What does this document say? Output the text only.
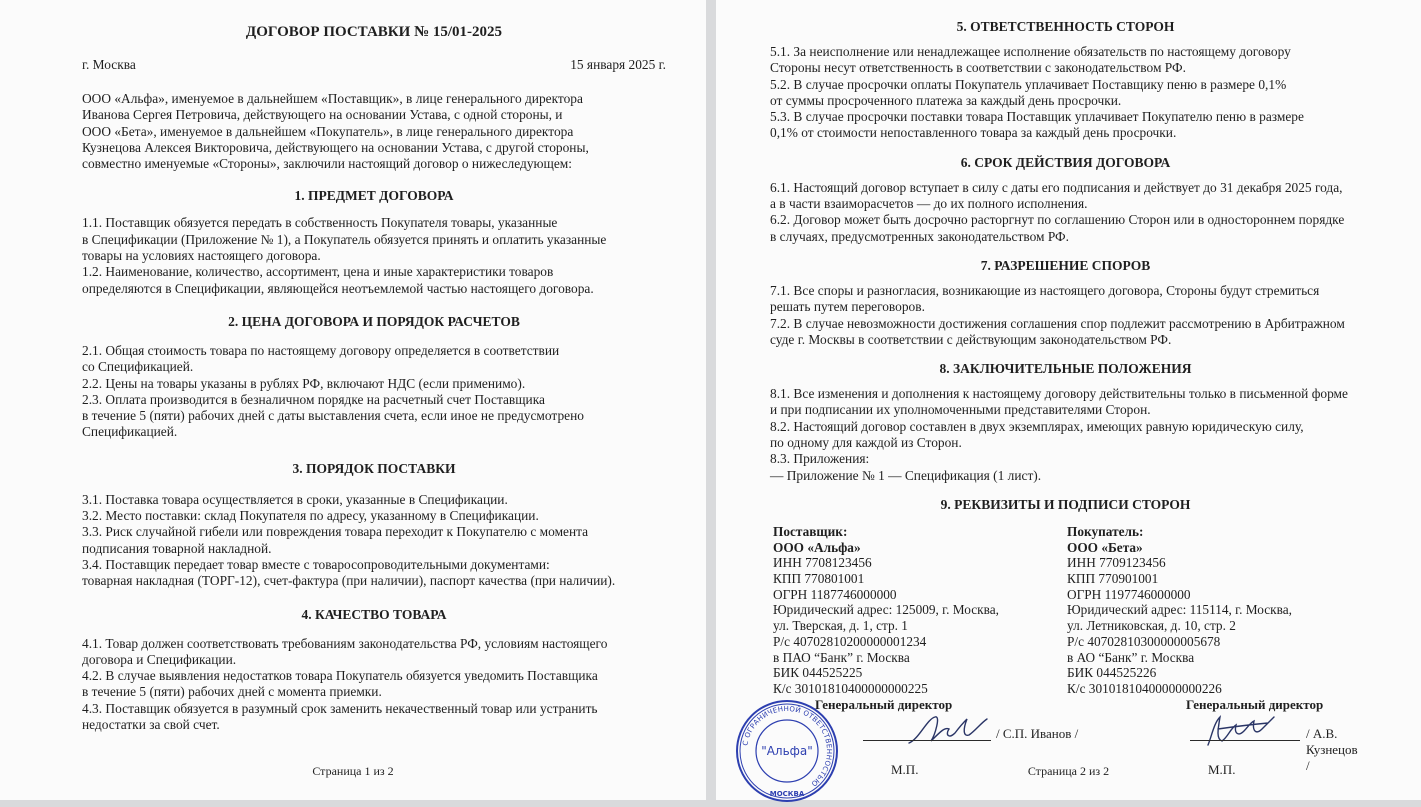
ДОГОВОР ПОСТАВКИ № 15/01-2025
г. Москва	15 января 2025 г.

ООО «Альфа», именуемое в дальнейшем «Поставщик», в лице генерального директора

Иванова Сергея Петровича, действующего на основании Устава, с одной стороны, и

ООО «Бета», именуемое в дальнейшем «Покупатель», в лице генерального директора

Кузнецова Алексея Викторовича, действующего на основании Устава, с другой стороны,

совместно именуемые «Стороны», заключили настоящий договор о нижеследующем:

1. ПРЕДМЕТ ДОГОВОРА

1.1. Поставщик обязуется передать в собственность Покупателя товары, указанные

в Спецификации (Приложение № 1), а Покупатель обязуется принять и оплатить указанные

товары на условиях настоящего договора.

1.2. Наименование, количество, ассортимент, цена и иные характеристики товаров

определяются в Спецификации, являющейся неотъемлемой частью настоящего договора.

2. ЦЕНА ДОГОВОРА И ПОРЯДОК РАСЧЕТОВ

2.1. Общая стоимость товара по настоящему договору определяется в соответствии

со Спецификацией.

2.2. Цены на товары указаны в рублях РФ, включают НДС (если применимо).

2.3. Оплата производится в безналичном порядке на расчетный счет Поставщика

в течение 5 (пяти) рабочих дней с даты выставления счета, если иное не предусмотрено

Спецификацией.

3. ПОРЯДОК ПОСТАВКИ

3.1. Поставка товара осуществляется в сроки, указанные в Спецификации.

3.2. Место поставки: склад Покупателя по адресу, указанному в Спецификации.

3.3. Риск случайной гибели или повреждения товара переходит к Покупателю с момента

подписания товарной накладной.

3.4. Поставщик передает товар вместе с товаросопроводительными документами:

товарная накладная (ТОРГ-12), счет-фактура (при наличии), паспорт качества (при наличии).

4. КАЧЕСТВО ТОВАРА

4.1. Товар должен соответствовать требованиям законодательства РФ, условиям настоящего

договора и Спецификации.

4.2. В случае выявления недостатков товара Покупатель обязуется уведомить Поставщика

в течение 5 (пяти) рабочих дней с момента приемки.

4.3. Поставщик обязуется в разумный срок заменить некачественный товар или устранить

недостатки за свой счет.

Страница 1 из 2
5. ОТВЕТСТВЕННОСТЬ СТОРОН

5.1. За неисполнение или ненадлежащее исполнение обязательств по настоящему договору

Стороны несут ответственность в соответствии с законодательством РФ.

5.2. В случае просрочки оплаты Покупатель уплачивает Поставщику пеню в размере 0,1%

от суммы просроченного платежа за каждый день просрочки.

5.3. В случае просрочки поставки товара Поставщик уплачивает Покупателю пеню в размере

0,1% от стоимости непоставленного товара за каждый день просрочки.

6. СРОК ДЕЙСТВИЯ ДОГОВОРА

6.1. Настоящий договор вступает в силу с даты его подписания и действует до 31 декабря 2025 года,

а в части взаиморасчетов — до их полного исполнения.

6.2. Договор может быть досрочно расторгнут по соглашению Сторон или в одностороннем порядке

в случаях, предусмотренных законодательством РФ.

7. РАЗРЕШЕНИЕ СПОРОВ

7.1. Все споры и разногласия, возникающие из настоящего договора, Стороны будут стремиться

решать путем переговоров.

7.2. В случае невозможности достижения соглашения спор подлежит рассмотрению в Арбитражном

суде г. Москвы в соответствии с действующим законодательством РФ.

8. ЗАКЛЮЧИТЕЛЬНЫЕ ПОЛОЖЕНИЯ

8.1. Все изменения и дополнения к настоящему договору действительны только в письменной форме

и при подписании их уполномоченными представителями Сторон.

8.2. Настоящий договор составлен в двух экземплярах, имеющих равную юридическую силу,

по одному для каждой из Сторон.

8.3. Приложения:

— Приложение № 1 — Спецификация (1 лист).

9. РЕКВИЗИТЫ И ПОДПИСИ СТОРОН
Поставщик:
ООО «Альфа»
ИНН 7708123456
КПП 770801001
ОГРН 1187746000000
Юридический адрес: 125009, г. Москва,
ул. Тверская, д. 1, стр. 1
Р/с 40702810200000001234
в ПАО “Банк” г. Москва
БИК 044525225
К/с 30101810400000000225
Покупатель:
ООО «Бета»
ИНН 7709123456
КПП 770901001
ОГРН 1197746000000
Юридический адрес: 115114, г. Москва,
ул. Летниковская, д. 10, стр. 2
Р/с 40702810300000005678
в АО “Банк” г. Москва
БИК 044525226
К/с 30101810400000000226
Генеральный директор
С ОГРАНИЧЕННОЙ ОТВЕТСТВЕННОСТЬЮ
"Альфа"
МОСКВА
/ С.П. Иванов /
М.П.
Генеральный директор
/ А.В. Кузнецов /
М.П.
Страница 2 из 2
